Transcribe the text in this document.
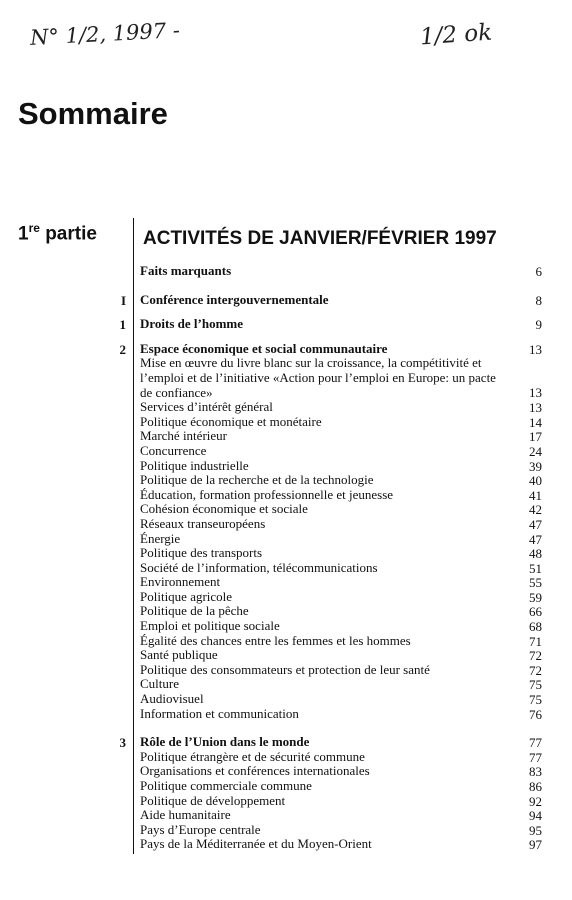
N° 1/2, 1997 -	1/2 ok
Sommaire
1re partie ACTIVITÉS DE JANVIER/FÉVRIER 1997
Faits marquants	6
I Conférence intergouvernementale	8
1 Droits de l’homme	9
2 Espace économique et social communautaire	13
Mise en œuvre du livre blanc sur la croissance, la compétitivité et l’emploi et de l’initiative «Action pour l’emploi en Europe: un pacte de confiance»	13
Services d’intérêt général	13
Politique économique et monétaire	14
Marché intérieur	17
Concurrence	24
Politique industrielle	39
Politique de la recherche et de la technologie	40
Éducation, formation professionnelle et jeunesse	41
Cohésion économique et sociale	42
Réseaux transeuropéens	47
Énergie	47
Politique des transports	48
Société de l’information, télécommunications	51
Environnement	55
Politique agricole	59
Politique de la pêche	66
Emploi et politique sociale	68
Égalité des chances entre les femmes et les hommes	71
Santé publique	72
Politique des consommateurs et protection de leur santé	72
Culture	75
Audiovisuel	75
Information et communication	76
3 Rôle de l’Union dans le monde	77
Politique étrangère et de sécurité commune	77
Organisations et conférences internationales	83
Politique commerciale commune	86
Politique de développement	92
Aide humanitaire	94
Pays d’Europe centrale	95
Pays de la Méditerranée et du Moyen-Orient	97
